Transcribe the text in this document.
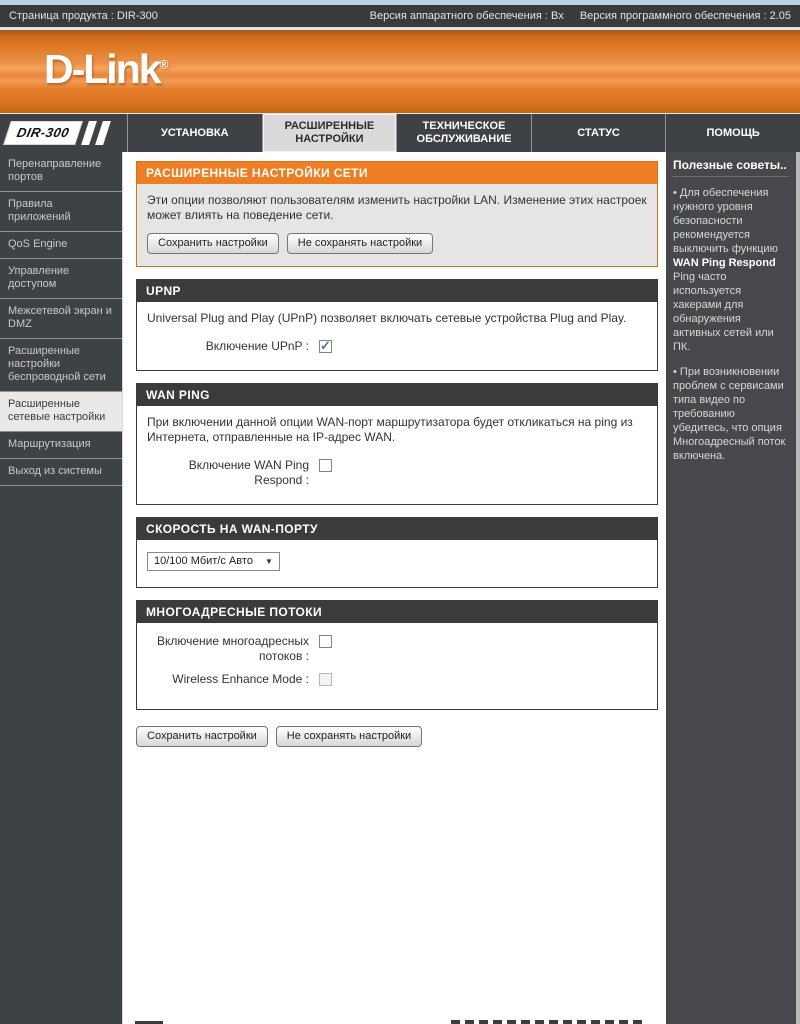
Страница продукта : DIR-300	Версия аппаратного обеспечения : Bx Версия программного обеспечения : 2.05
D-Link®
DIR-300	УСТАНОВКА
РАСШИРЕННЫЕ НАСТРОЙКИ
ТЕХНИЧЕСКОЕ ОБСЛУЖИВАНИЕ
СТАТУС	ПОМОЩЬ
Перенаправление портов
Правила приложений
QoS Engine
Управление доступом
Межсетевой экран и DMZ
Расширенные настройки беспроводной сети
Расширенные сетевые настройки
Маршрутизация
Выход из системы
РАСШИРЕННЫЕ НАСТРОЙКИ СЕТИ

Эти опции позволяют пользователям изменить настройки LAN. Изменение этих настроек может влиять на поведение сети.

Сохранить настройки	Не сохранять настройки
UPNP

Universal Plug and Play (UPnP) позволяет включать сетевые устройства Plug and Play.

Включение UPnP :
✓
WAN PING

При включении данной опции WAN-порт маршрутизатора будет откликаться на ping из Интернета, отправленные на IP-адрес WAN.

Включение WAN Ping Respond :
СКОРОСТЬ НА WAN-ПОРТУ
10/100 Мбит/с Авто ▼
МНОГОАДРЕСНЫЕ ПОТОКИ
Включение многоадресных потоков :
Wireless Enhance Mode :
Сохранить настройки	Не сохранять настройки
Полезные советы..

• Для обеспечения нужного уровня безопасности рекомендуется выключить функцию WAN Ping Respond Ping часто используется хакерами для обнаружения активных сетей или ПК.

• При возникновении проблем с сервисами типа видео по требованию убедитесь, что опция Многоадресный поток включена.
